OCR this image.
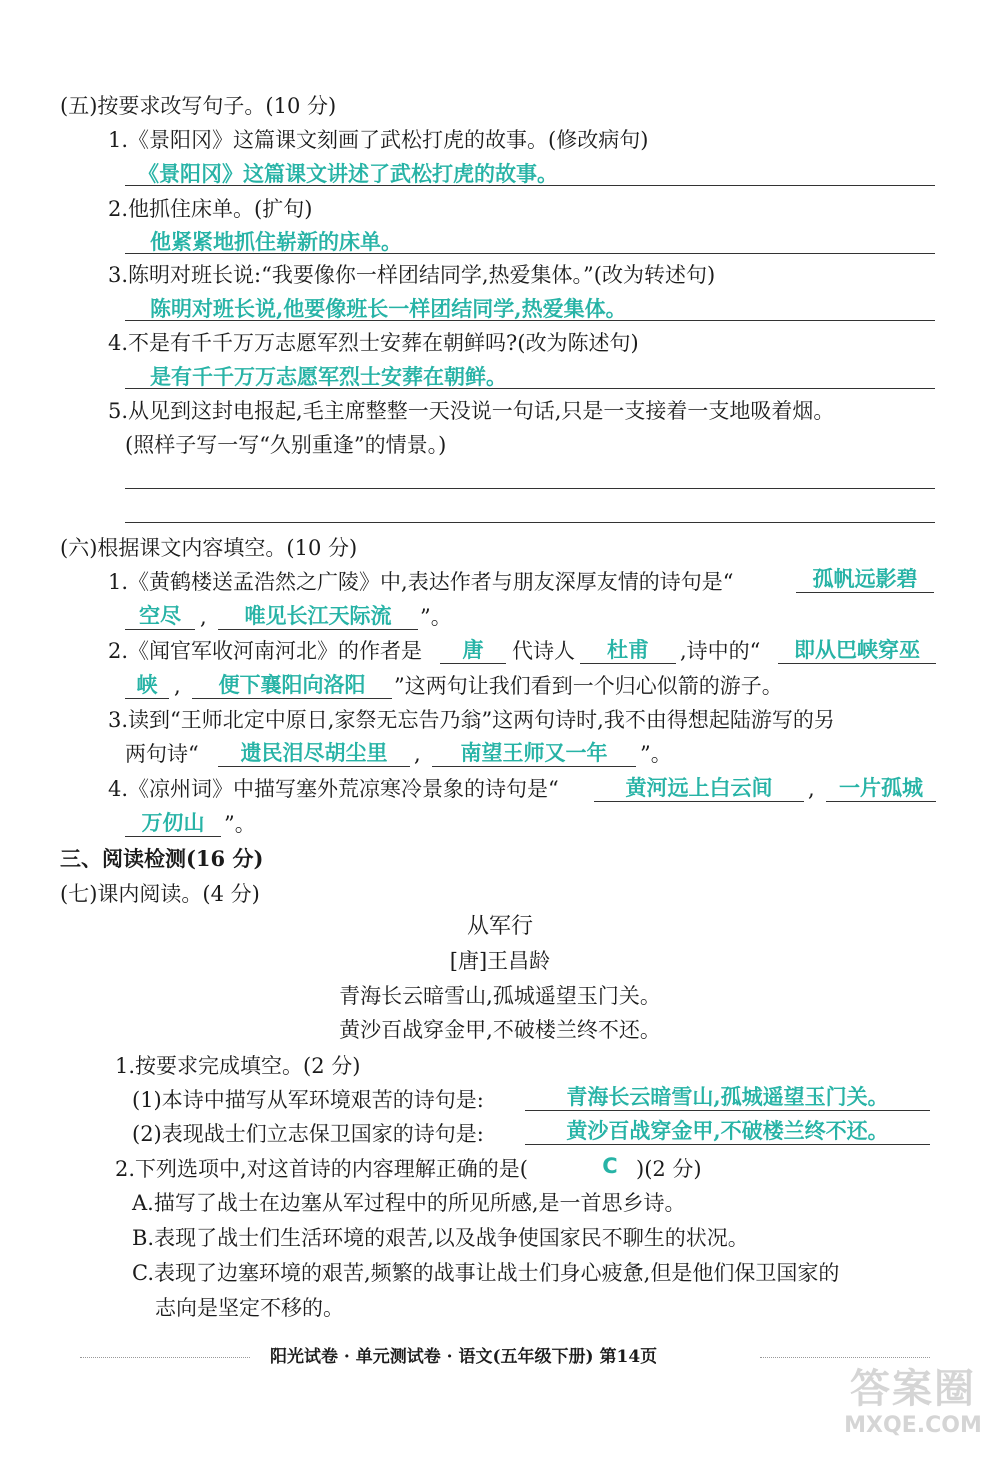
(五)按要求改写句子。(10 分)
1.《景阳冈》这篇课文刻画了武松打虎的故事。(修改病句)
《景阳冈》这篇课文讲述了武松打虎的故事。
2.他抓住床单。(扩句)
他紧紧地抓住崭新的床单。
3.陈明对班长说:“我要像你一样团结同学,热爱集体。”(改为转述句)
陈明对班长说,他要像班长一样团结同学,热爱集体。
4.不是有千千万万志愿军烈士安葬在朝鲜吗?(改为陈述句)
是有千千万万志愿军烈士安葬在朝鲜。
5.从见到这封电报起,毛主席整整一天没说一句话,只是一支接着一支地吸着烟。
(照样子写一写“久别重逢”的情景。)
(六)根据课文内容填空。(10 分)
1.《黄鹤楼送孟浩然之广陵》中,表达作者与朋友深厚友情的诗句是“	孤帆远影碧
空尽 ,	唯见长江天际流	”。
2.《闻官军收河南河北》的作者是	唐	代诗人	杜甫	,诗中的“	即从巴峡穿巫
峡 ,	便下襄阳向洛阳	”这两句让我们看到一个归心似箭的游子。
3.读到“王师北定中原日,家祭无忘告乃翁”这两句诗时,我不由得想起陆游写的另
两句诗“	遗民泪尽胡尘里	,	南望王师又一年	”。
4.《凉州词》中描写塞外荒凉寒冷景象的诗句是“	黄河远上白云间	,	一片孤城
万仞山 ”。
三、阅读检测(16 分)
(七)课内阅读。(4 分)
从军行
[唐]王昌龄
青海长云暗雪山,孤城遥望玉门关。
黄沙百战穿金甲,不破楼兰终不还。
1.按要求完成填空。(2 分)
(1)本诗中描写从军环境艰苦的诗句是:	青海长云暗雪山,孤城遥望玉门关。
(2)表现战士们立志保卫国家的诗句是:	黄沙百战穿金甲,不破楼兰终不还。
2.下列选项中,对这首诗的内容理解正确的是(	C )(2 分)
A.描写了战士在边塞从军过程中的所见所感,是一首思乡诗。
B.表现了战士们生活环境的艰苦,以及战争使国家民不聊生的状况。
C.表现了边塞环境的艰苦,频繁的战事让战士们身心疲惫,但是他们保卫国家的
志向是坚定不移的。
阳光试卷 · 单元测试卷 · 语文(五年级下册) 第14页
答案圈
MXQE.COM
